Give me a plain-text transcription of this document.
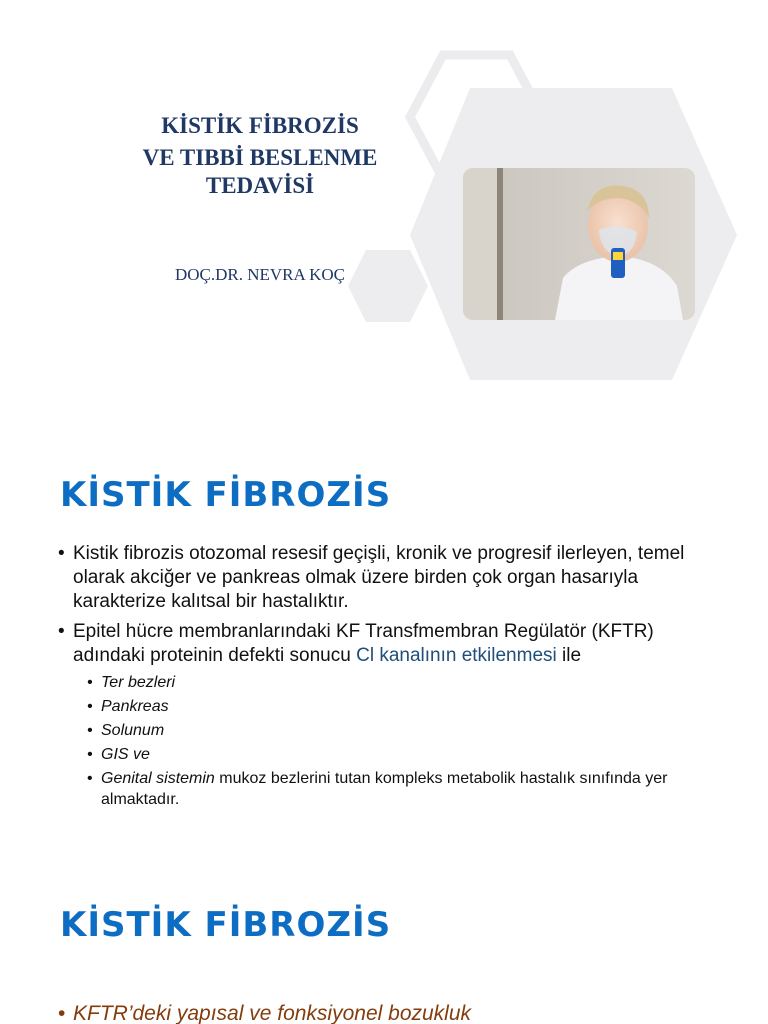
KİSTİK FİBROZİS
VE TIBBİ BESLENME
TEDAVİSİ
DOÇ.DR. NEVRA KOÇ
KİSTİK FİBROZİS
• Kistik fibrozis otozomal resesif geçişli, kronik ve progresif ilerleyen, temel olarak akciğer ve pankreas olmak üzere birden çok organ hasarıyla karakterize kalıtsal bir hastalıktır.
• Epitel hücre membranlarındaki KF Transfmembran Regülatör (KFTR) adındaki proteinin defekti sonucu Cl kanalının etkilenmesi ile
• Ter bezleri
• Pankreas
• Solunum
• GIS ve
• Genital sistemin mukoz bezlerini tutan kompleks metabolik hastalık sınıfında yer almaktadır.
KİSTİK FİBROZİS
• KFTR’deki yapısal ve fonksiyonel bozukluk
